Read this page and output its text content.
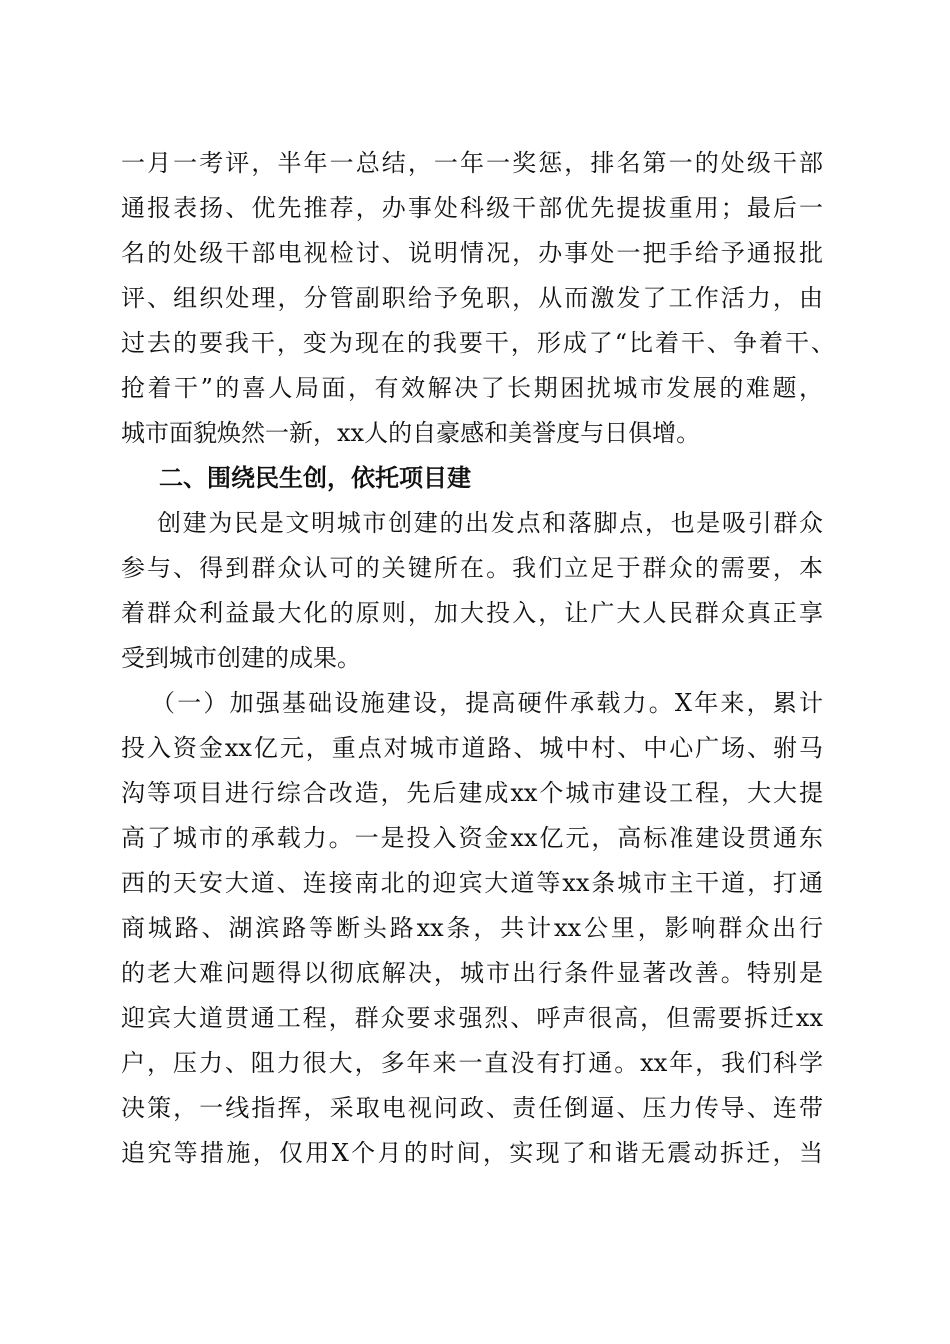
一月一考评，半年一总结，一年一奖惩，排名第一的处级干部
通报表扬、优先推荐，办事处科级干部优先提拔重用；最后一
名的处级干部电视检讨、说明情况，办事处一把手给予通报批
评、组织处理，分管副职给予免职，从而激发了工作活力，由
过去的要我干，变为现在的我要干，形成了“比着干、争着干、
抢着干”的喜人局面，有效解决了长期困扰城市发展的难题，
城市面貌焕然一新，xx人的自豪感和美誉度与日俱增。
二、围绕民生创，依托项目建
创建为民是文明城市创建的出发点和落脚点，也是吸引群众
参与、得到群众认可的关键所在。我们立足于群众的需要，本
着群众利益最大化的原则，加大投入，让广大人民群众真正享
受到城市创建的成果。
（一）加强基础设施建设，提高硬件承载力。X年来，累计
投入资金xx亿元，重点对城市道路、城中村、中心广场、驸马
沟等项目进行综合改造，先后建成xx个城市建设工程，大大提
高了城市的承载力。一是投入资金xx亿元，高标准建设贯通东
西的天安大道、连接南北的迎宾大道等xx条城市主干道，打通
商城路、湖滨路等断头路xx条，共计xx公里，影响群众出行
的老大难问题得以彻底解决，城市出行条件显著改善。特别是
迎宾大道贯通工程，群众要求强烈、呼声很高，但需要拆迁xx
户，压力、阻力很大，多年来一直没有打通。xx年，我们科学
决策，一线指挥，采取电视问政、责任倒逼、压力传导、连带
追究等措施，仅用X个月的时间，实现了和谐无震动拆迁，当
